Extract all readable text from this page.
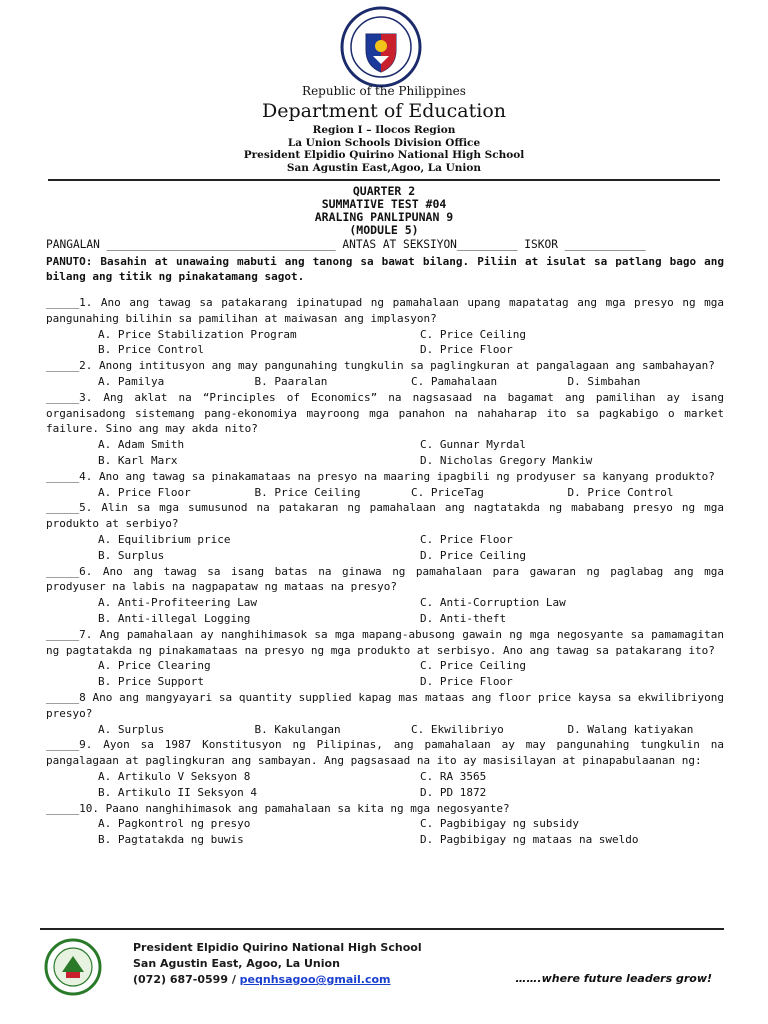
Republic of the Philippines
Department of Education
Region I – Ilocos Region
La Union Schools Division Office
President Elpidio Quirino National High School
San Agustin East,Agoo, La Union
QUARTER 2
SUMMATIVE TEST #04
ARALING PANLIPUNAN 9
(MODULE 5)
PANGALAN __________________________________ ANTAS AT SEKSIYON_________ ISKOR ____________
PANUTO: Basahin at unawaing mabuti ang tanong sa bawat bilang. Piliin at isulat sa patlang bago ang bilang ang titik ng pinakatamang sagot.
_____1. Ano ang tawag sa patakarang ipinatupad ng pamahalaan upang mapatatag ang mga presyo ng mga pangunahing bilihin sa pamilihan at maiwasan ang implasyon?
A. Price Stabilization Program	C. Price Ceiling
B. Price Control	D. Price Floor
_____2. Anong intitusyon ang may pangunahing tungkulin sa paglingkuran at pangalagaan ang sambahayan?
A. Pamilya	B. Paaralan	C. Pamahalaan	D. Simbahan
_____3. Ang aklat na “Principles of Economics” na nagsasaad na bagamat ang pamilihan ay isang organisadong sistemang pang-ekonomiya mayroong mga panahon na nahaharap ito sa pagkabigo o market failure. Sino ang may akda nito?
A. Adam Smith	C. Gunnar Myrdal
B. Karl Marx	D. Nicholas Gregory Mankiw
_____4. Ano ang tawag sa pinakamataas na presyo na maaring ipagbili ng prodyuser sa kanyang produkto?
A. Price Floor	B. Price Ceiling	C. PriceTag	D. Price Control
_____5. Alin sa mga sumusunod na patakaran ng pamahalaan ang nagtatakda ng mababang presyo ng mga produkto at serbiyo?
A. Equilibrium price	C. Price Floor
B. Surplus	D. Price Ceiling
_____6. Ano ang tawag sa isang batas na ginawa ng pamahalaan para gawaran ng paglabag ang mga prodyuser na labis na nagpapataw ng mataas na presyo?
A. Anti-Profiteering Law	C. Anti-Corruption Law
B. Anti-illegal Logging	D. Anti-theft
_____7. Ang pamahalaan ay nanghihimasok sa mga mapang-abusong gawain ng mga negosyante sa pamamagitan ng pagtatakda ng pinakamataas na presyo ng mga produkto at serbisyo. Ano ang tawag sa patakarang ito?
A. Price Clearing	C. Price Ceiling
B. Price Support	D. Price Floor
_____8 Ano ang mangyayari sa quantity supplied kapag mas mataas ang floor price kaysa sa ekwilibriyong presyo?
A. Surplus	B. Kakulangan	C. Ekwilibriyo	D. Walang katiyakan
_____9. Ayon sa 1987 Konstitusyon ng Pilipinas, ang pamahalaan ay may pangunahing tungkulin na pangalagaan at paglingkuran ang sambayan. Ang pagsasaad na ito ay masisilayan at pinapabulaanan ng:
A. Artikulo V Seksyon 8	C. RA 3565
B. Artikulo II Seksyon 4	D. PD 1872
_____10. Paano nanghihimasok ang pamahalaan sa kita ng mga negosyante?
A. Pagkontrol ng presyo	C. Pagbibigay ng subsidy
B. Pagtatakda ng buwis	D. Pagbibigay ng mataas na sweldo
President Elpidio Quirino National High School
San Agustin East, Agoo, La Union
(072) 687-0599 / peqnhsagoo@gmail.com	…….where future leaders grow!
